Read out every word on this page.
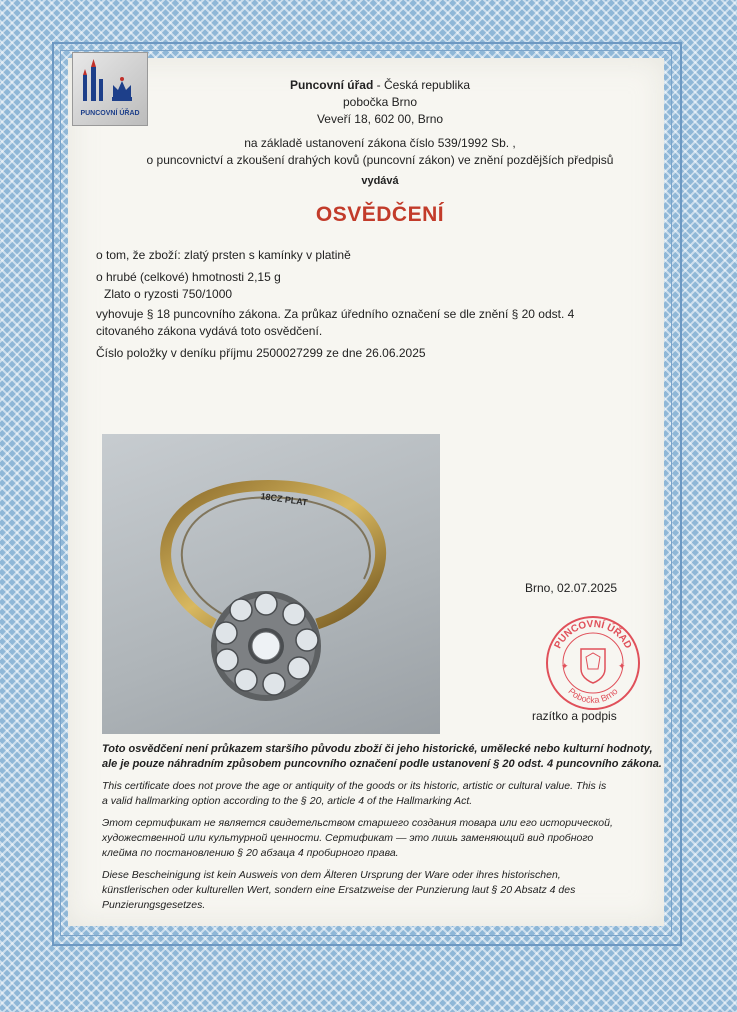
PUNCOVNÍ ÚŘAD
Puncovní úřad - Česká republika
pobočka Brno
Veveří 18, 602 00, Brno
na základě ustanovení zákona číslo 539/1992 Sb. ,
o puncovnictví a zkoušení drahých kovů (puncovní zákon) ve znění pozdějších předpisů
vydává
OSVĚDČENÍ
o tom, že zboží: zlatý prsten s kamínky v platině
o hrubé (celkové) hmotnosti 2,15 g
Zlato o ryzosti 750/1000
vyhovuje § 18 puncovního zákona. Za průkaz úředního označení se dle znění § 20 odst. 4
citovaného zákona vydává toto osvědčení.
Číslo položky v deníku příjmu 2500027299 ze dne 26.06.2025
18CZ PLAT
Brno, 02.07.2025
PUNCOVNÍ ÚŘAD
Pobočka Brno
✦	✦
razítko a podpis
Toto osvědčení není průkazem staršího původu zboží či jeho historické, umělecké nebo kulturní hodnoty,
ale je pouze náhradním způsobem puncovního označení podle ustanovení § 20 odst. 4 puncovního zákona.
This certificate does not prove the age or antiquity of the goods or its historic, artistic or cultural value. This is
a valid hallmarking option according to the § 20, article 4 of the Hallmarking Act.
Этот сертификат не является свидетельством старшего создания товара или его исторической,
художественной или культурной ценности. Сертификат — это лишь заменяющий вид пробного
клейма по постановлению § 20 абзаца 4 пробирного права.
Diese Bescheinigung ist kein Ausweis von dem Älteren Ursprung der Ware oder ihres historischen,
künstlerischen oder kulturellen Wert, sondern eine Ersatzweise der Punzierung laut § 20 Absatz 4 des
Punzierungsgesetzes.
